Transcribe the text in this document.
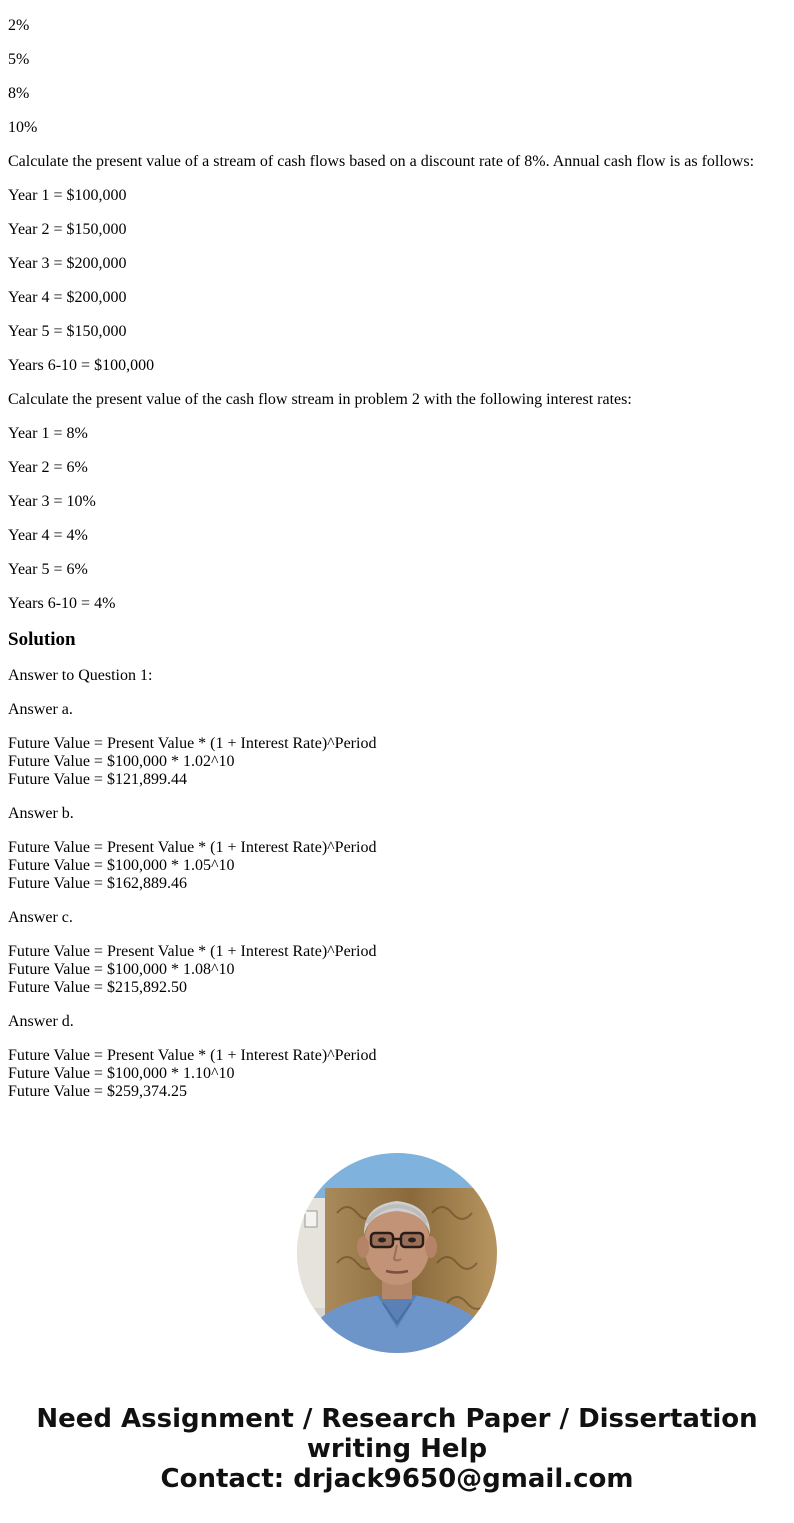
2%

5%

8%

10%

Calculate the present value of a stream of cash flows based on a discount rate of 8%. Annual cash flow is as follows:

Year 1 = $100,000

Year 2 = $150,000

Year 3 = $200,000

Year 4 = $200,000

Year 5 = $150,000

Years 6-10 = $100,000

Calculate the present value of the cash flow stream in problem 2 with the following interest rates:

Year 1 = 8%

Year 2 = 6%

Year 3 = 10%

Year 4 = 4%

Year 5 = 6%

Years 6-10 = 4%

Solution

Answer to Question 1:

Answer a.

Future Value = Present Value * (1 + Interest Rate)^Period
Future Value = $100,000 * 1.02^10
Future Value = $121,899.44

Answer b.

Future Value = Present Value * (1 + Interest Rate)^Period
Future Value = $100,000 * 1.05^10
Future Value = $162,889.46

Answer c.

Future Value = Present Value * (1 + Interest Rate)^Period
Future Value = $100,000 * 1.08^10
Future Value = $215,892.50

Answer d.

Future Value = Present Value * (1 + Interest Rate)^Period
Future Value = $100,000 * 1.10^10
Future Value = $259,374.25
Need Assignment / Research Paper / Dissertation
writing Help
Contact: drjack9650@gmail.com
